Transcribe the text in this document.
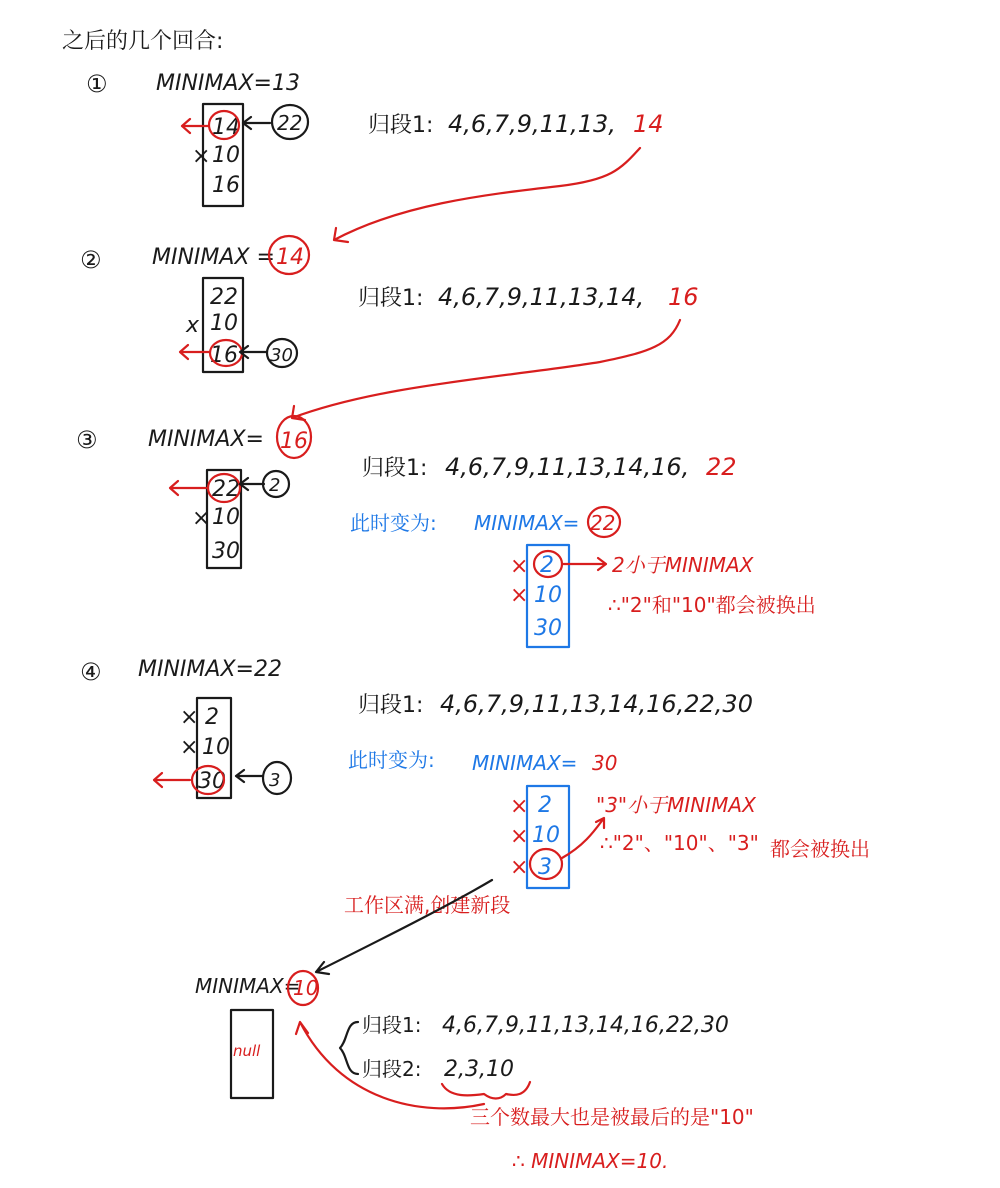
之后的几个回合:
① MINIMAX=13
14
10
16
×
22	归段1: 4,6,7,9,11,13, 14
② MINIMAX = 14
22
10
16
x
30
归段1: 4,6,7,9,11,13,14, 16
③ MINIMAX= 16
22
10
30
×
2
归段1: 4,6,7,9,11,13,14,16, 22
此时变为: MINIMAX= 22
2
10
30
×
×
2小于MINIMAX
∴"2"和"10"都会被换出
④ MINIMAX=22
2
10
30
×
×
3
归段1: 4,6,7,9,11,13,14,16,22,30
此时变为: MINIMAX= 30
2
10
3
×
×
×
"3"小于MINIMAX
∴"2"、"10"、"3" 都会被换出
工作区满,创建新段
MINIMAX=
10
null
归段1: 4,6,7,9,11,13,14,16,22,30
归段2: 2,3,10
三个数最大也是被最后的是"10"
∴ MINIMAX=10.
